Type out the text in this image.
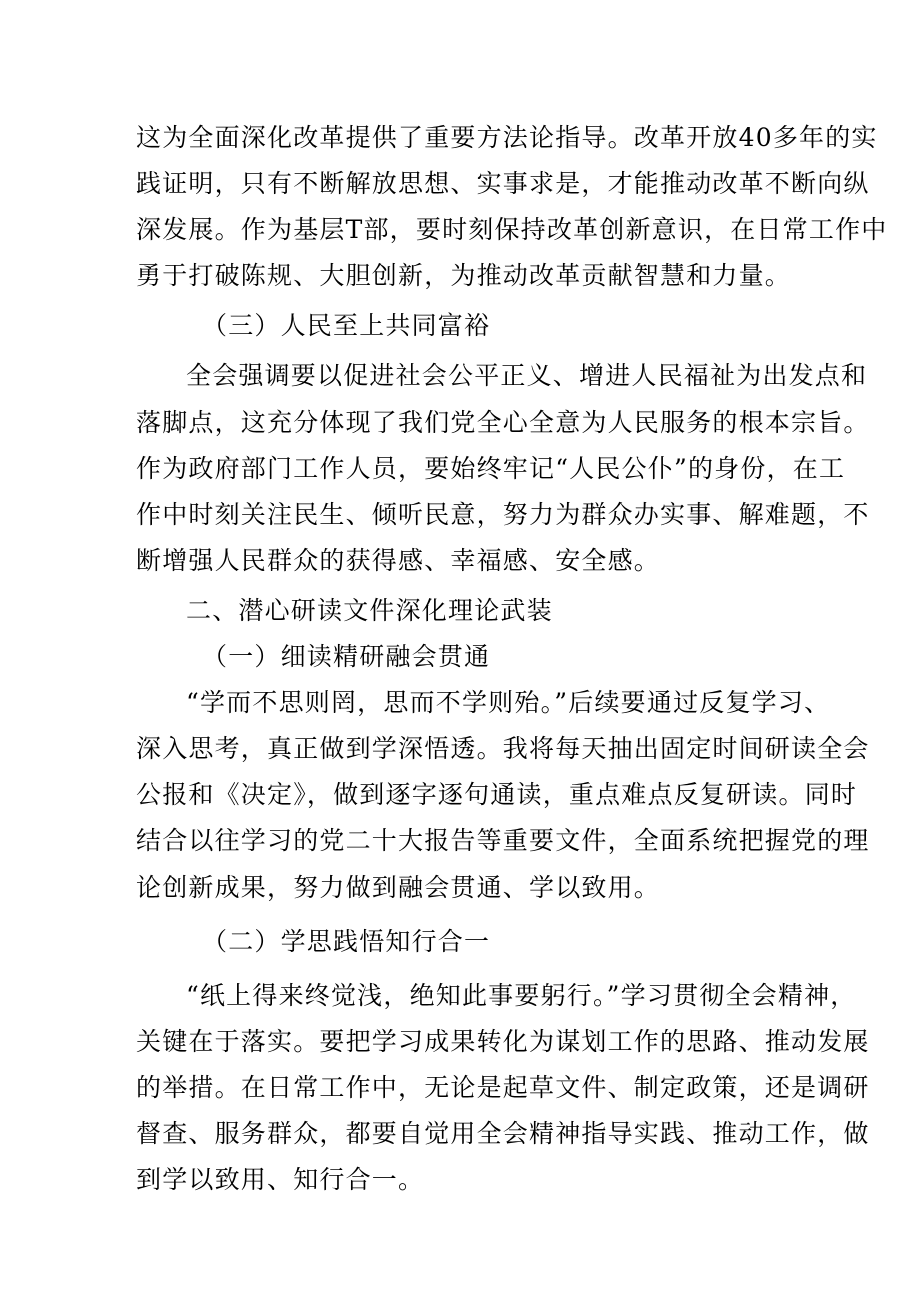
这为全面深化改革提供了重要方法论指导。改革开放40多年的实
践证明，只有不断解放思想、实事求是，才能推动改革不断向纵
深发展。作为基层T部，要时刻保持改革创新意识，在日常工作中
勇于打破陈规、大胆创新，为推动改革贡献智慧和力量。
（三）人民至上共同富裕
全会强调要以促进社会公平正义、增进人民福祉为出发点和
落脚点，这充分体现了我们党全心全意为人民服务的根本宗旨。
作为政府部门工作人员，要始终牢记“人民公仆”的身份，在工
作中时刻关注民生、倾听民意，努力为群众办实事、解难题，不
断增强人民群众的获得感、幸福感、安全感。
二、潜心研读文件深化理论武装
（一）细读精研融会贯通
“学而不思则罔，思而不学则殆。”后续要通过反复学习、
深入思考，真正做到学深悟透。我将每天抽出固定时间研读全会
公报和《决定》，做到逐字逐句通读，重点难点反复研读。同时
结合以往学习的党二十大报告等重要文件，全面系统把握党的理
论创新成果，努力做到融会贯通、学以致用。
（二）学思践悟知行合一
“纸上得来终觉浅，绝知此事要躬行。”学习贯彻全会精神，
关键在于落实。要把学习成果转化为谋划工作的思路、推动发展
的举措。在日常工作中，无论是起草文件、制定政策，还是调研
督查、服务群众，都要自觉用全会精神指导实践、推动工作，做
到学以致用、知行合一。
